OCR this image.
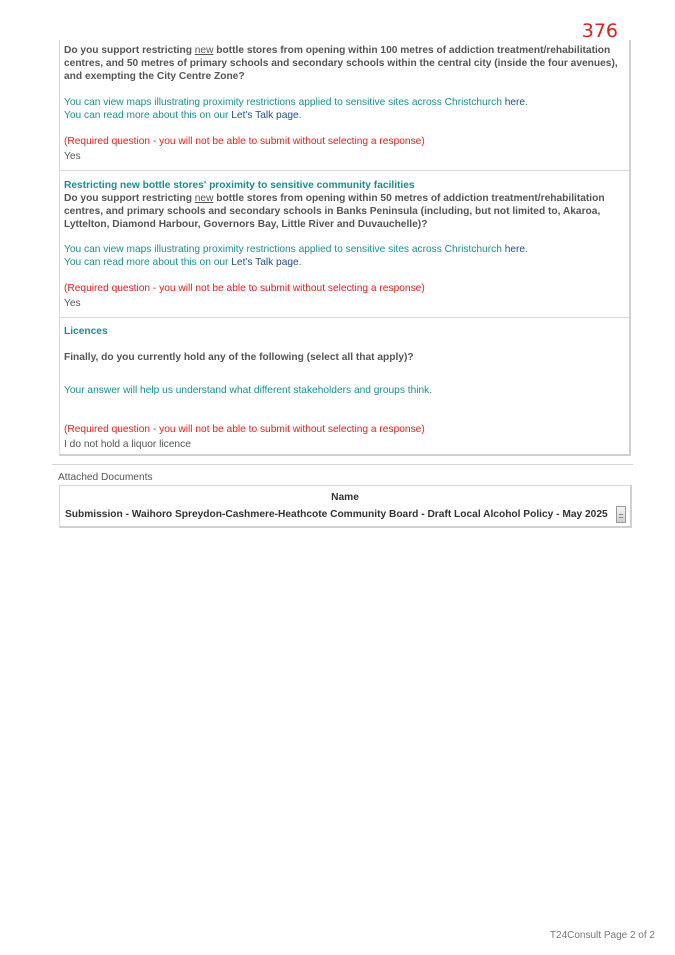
376
Do you support restricting new bottle stores from opening within 100 metres of addiction treatment/rehabilitation centres, and 50 metres of primary schools and secondary schools within the central city (inside the four avenues), and exempting the City Centre Zone?
You can view maps illustrating proximity restrictions applied to sensitive sites across Christchurch here.
You can read more about this on our Let's Talk page.
(Required question - you will not be able to submit without selecting a response)
Yes
Restricting new bottle stores' proximity to sensitive community facilities
Do you support restricting new bottle stores from opening within 50 metres of addiction treatment/rehabilitation centres, and primary schools and secondary schools in Banks Peninsula (including, but not limited to, Akaroa, Lyttelton, Diamond Harbour, Governors Bay, Little River and Duvauchelle)?
You can view maps illustrating proximity restrictions applied to sensitive sites across Christchurch here.
You can read more about this on our Let's Talk page.
(Required question - you will not be able to submit without selecting a response)
Yes
Licences
Finally, do you currently hold any of the following (select all that apply)?
Your answer will help us understand what different stakeholders and groups think.
(Required question - you will not be able to submit without selecting a response)
I do not hold a liquor licence
Attached Documents
Name
Submission - Waihoro Spreydon-Cashmere-Heathcote Community Board - Draft Local Alcohol Policy - May 2025
T24Consult Page 2 of 2
